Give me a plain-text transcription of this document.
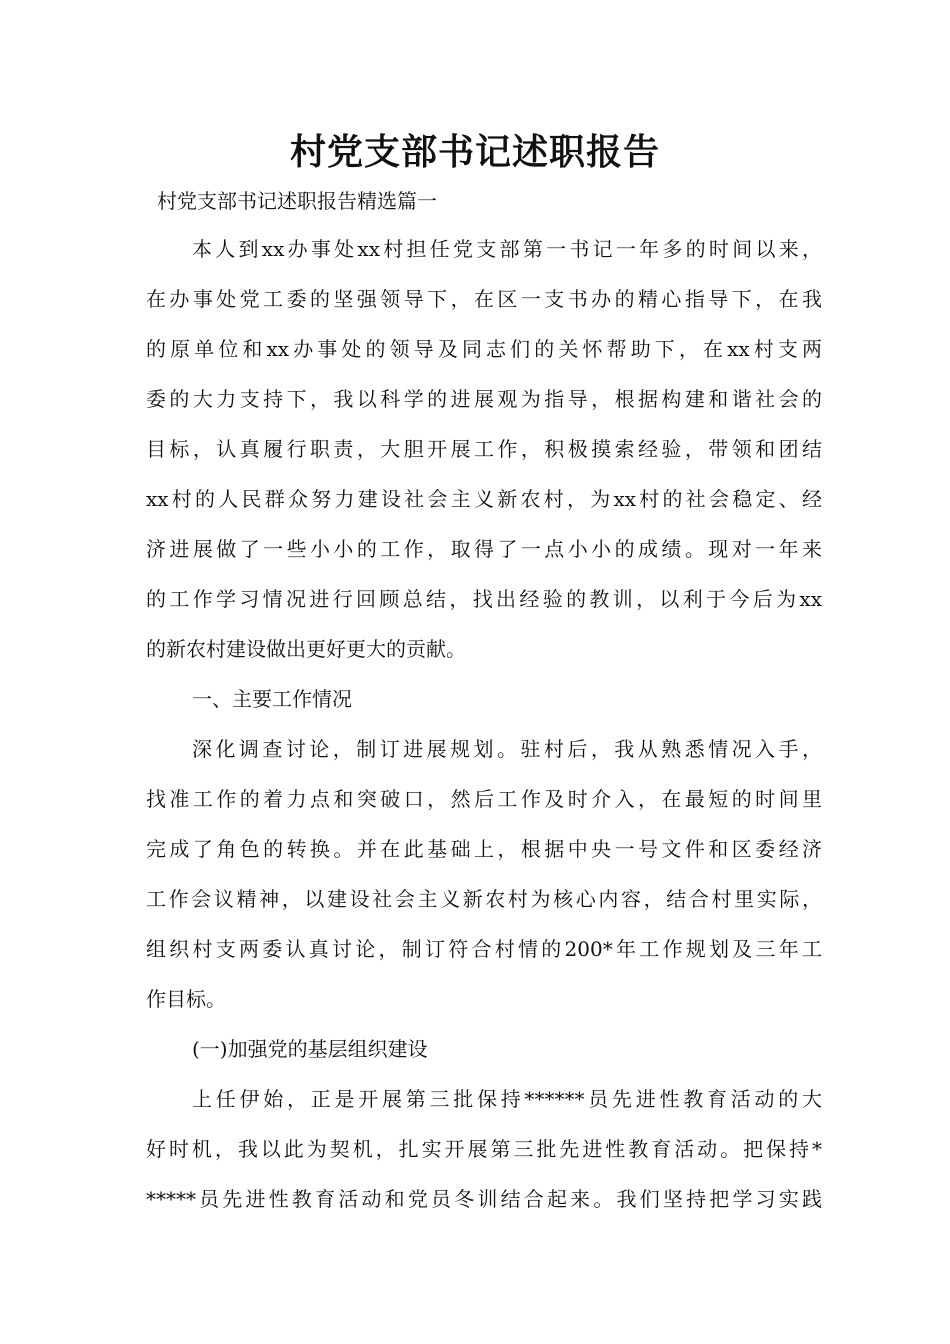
村党支部书记述职报告

村党支部书记述职报告精选篇一

本人到xx办事处xx村担任党支部第一书记一年多的时间以来，

在办事处党工委的坚强领导下，在区一支书办的精心指导下，在我

的原单位和xx办事处的领导及同志们的关怀帮助下，在xx村支两

委的大力支持下，我以科学的进展观为指导，根据构建和谐社会的

目标，认真履行职责，大胆开展工作，积极摸索经验，带领和团结

xx村的人民群众努力建设社会主义新农村，为xx村的社会稳定、经

济进展做了一些小小的工作，取得了一点小小的成绩。现对一年来

的工作学习情况进行回顾总结，找出经验的教训，以利于今后为xx

的新农村建设做出更好更大的贡献。

一、主要工作情况

深化调查讨论，制订进展规划。驻村后，我从熟悉情况入手，

找准工作的着力点和突破口，然后工作及时介入，在最短的时间里

完成了角色的转换。并在此基础上，根据中央一号文件和区委经济

工作会议精神，以建设社会主义新农村为核心内容，结合村里实际，

组织村支两委认真讨论，制订符合村情的200*年工作规划及三年工

作目标。

(一)加强党的基层组织建设

上任伊始，正是开展第三批保持******员先进性教育活动的大

好时机，我以此为契机，扎实开展第三批先进性教育活动。把保持*

*****员先进性教育活动和党员冬训结合起来。我们坚持把学习实践
